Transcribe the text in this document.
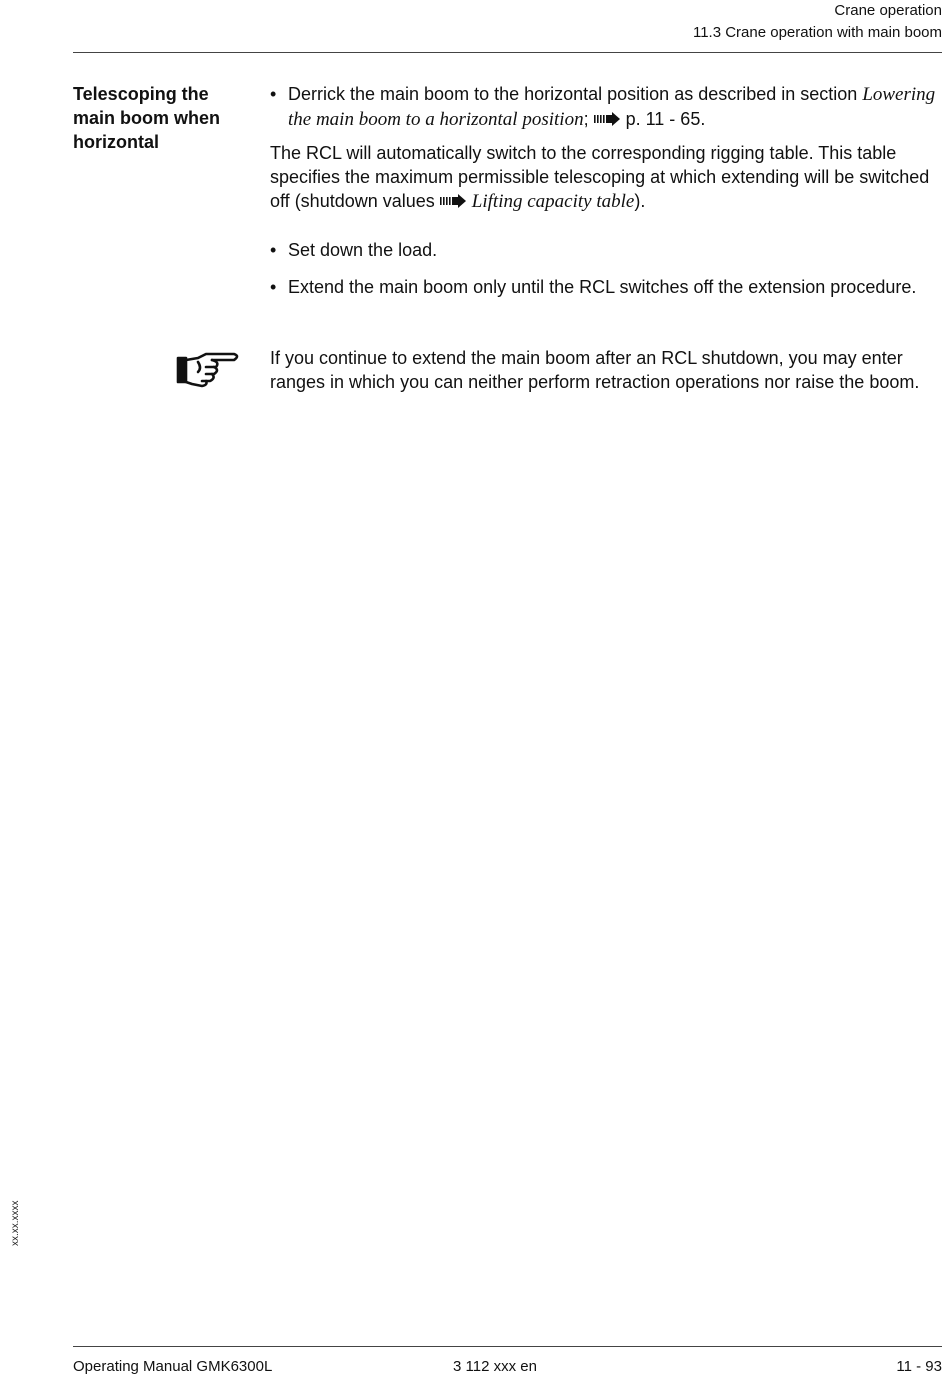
Crane operation
11.3 Crane operation with main boom
Telescoping the main boom when horizontal
• Derrick the main boom to the horizontal position as described in section Lowering the main boom to a horizontal position; p. 11 - 65.
The RCL will automatically switch to the corresponding rigging table. This table specifies the maximum permissible telescoping at which extending will be switched off (shutdown values Lifting capacity table).
• Set down the load.
• Extend the main boom only until the RCL switches off the extension procedure.
If you continue to extend the main boom after an RCL shutdown, you may enter ranges in which you can neither perform retraction operations nor raise the boom.
xx.xx.xxxx
Operating Manual GMK6300L	3 112 xxx en	11 - 93
